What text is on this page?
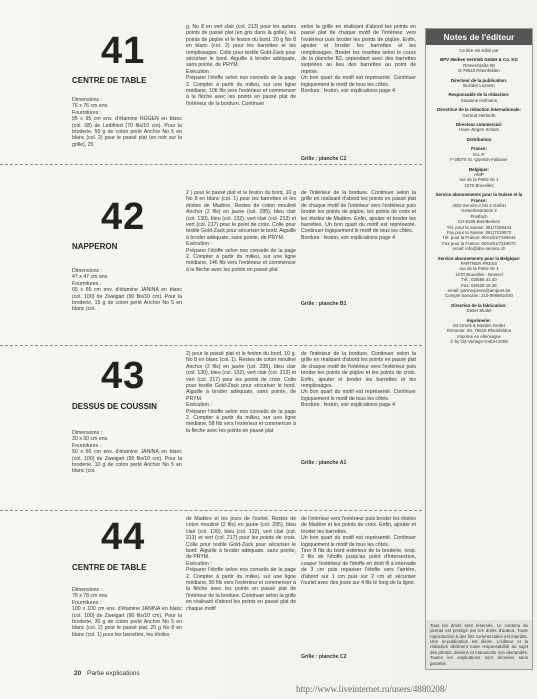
41
CENTRE DE TABLE
Dimensions :
76 x 76 cm env.
Fournitures :
95 x 95 cm env. d'étamine RÜGEN en blanc (col. 08) de Leibfried (70 fils/10 cm). Pour la broderie, 50 g de coton perlé Anchor No 5 en blanc (col. 2) pour le passé plat (en noir sur la grille), 25
g. No 8 en vert clair (col. 213) pour les autres points de passé plat (en gris dans la grille), les points de piqûre et le feston du bord. 20 g No 8 en blanc (col. 2) pour les barrettes et les remplissages. Colle pour textile Gold-Zack pour sécuriser le bord. Aiguille à broder adéquate, sans pointe, de PRYM.
Exécution :
Préparer l'étoffe selon nos conseils de la page 2. Compter à partir du milieu, sur une ligne médiane, 106 fils vers l'extérieur et commencer à la flèche avec les points en passé plat de l'intérieur de la bordure. Continuer
selon la grille en réalisant d'abord les points en passé plat de chaque motif de l'intérieur vers l'extérieur puis broder les points de piqûre. Enfin, ajouter et broder les barrettes et les remplissages. Broder les rosettes selon le cours de la planche B2, cependant avec des barrettes surjetées au lieu des barrettes au point de reprise.
Un bon quart du motif est représenté. Continuer logiquement le motif de tous les côtés.
Bordure : feston, voir explications page 4
Grille : planche C2
42
NAPPERON
Dimensions :
47 x 47 cm env.
Fournitures :
65 x 65 cm env. d'étamine JANINA en blanc (col. 100) de Zweigart (90 fils/10 cm). Pour la broderie, 15 g de coton perlé Anchor No 5 en blanc (col.
2 ) pour le passé plat et le feston du bord, 10 g No 8 en blanc (col. 1) pour les barrettes et les étoiles de Madère. Restes de coton mouliné Anchor (2 fils) en jaune (col. 295), bleu clair (col. 130), bleu (col. 132), vert clair (col. 213) et vert (col. 217) pour le point de croix. Colle pour textile Gold-Zack pour sécuriser le bord. Aiguille à broder adéquate, sans pointe, de PRYM.
Exécution :
Préparer l'étoffe selon nos conseils de la page 2. Compter à partir du milieu, sur une ligne médiane, 146 fils vers l'extérieur et commencer à la flèche avec les points en passé plat
de l'intérieur de la bordure. Continuer selon la grille en réalisant d'abord les points en passé plat de chaque motif de l'intérieur vers l'extérieur puis broder les points de piqûre, les points de croix et les étoiles de Madère. Enfin, ajouter et broder les barrettes. Un bon quart du motif est représenté. Continuer logiquement le motif de tous les côtés.
Bordure : feston, voir explications page 4
Grille : planche B1
43
DESSUS DE COUSSIN
Dimensions :
30 x 30 cm env.
Fournitures :
50 x 50 cm env. d'étamine JANINA en blanc (col. 100) de Zweigart (90 fils/10 cm). Pour la broderie, 10 g de coton perlé Anchor No 5 en blanc (col.
2) pour le passé plat et le feston du bord, 10 g. No 8 en blanc (col. 1). Restes de coton mouliné Anchor (2 fils) en jaune (col. 295), bleu clair (col. 130), bleu (col. 132), vert clair (col. 213) et vert (col. 217) pour les points de croix. Colle pour textile Gold-Zack pour sécuriser le bord. Aiguille à broder adéquate, sans pointe, de PRYM.
Exécution :
Préparer l'étoffe selon nos conseils de la page 2. Compter à partir du milieu, sur une ligne médiane, 58 fils vers l'extérieur et commencer à la flèche avec les points en passé plat
de l'intérieur de la bordure. Continuer selon la grille en réalisant d'abord les points en passé plat de chaque motif de l'intérieur vers l'extérieur puis broder les points de piqûre et les points de croix. Enfin, ajouter et broder les barrettes et les remplissages.
Un bon quart du motif est représenté. Continuer logiquement le motif de tous les côtés.
Bordure : feston, voir explications page 4
Grille : planche A1
44
CENTRE DE TABLE
Dimensions :
78 x 78 cm env.
Fournitures :
100 x 100 cm env. d'étamine JANINA en blanc (col. 100) de Zweigart (90 fils/10 cm). Pour la broderie, 30 g de coton perlé Anchor No 5 en blanc (col. 2) pour le passé plat, 20 g No 8 en blanc (col. 1) pour les barrettes, les étoiles
de Madère et les jours de l'ourlet. Restes de coton mouliné (2 fils) en jaune (col. 295), bleu clair (col. 130), bleu (col. 132), vert clair (col. 213) et vert (col. 217) pour les points de croix. Colle pour textile Gold-Zack pour sécuriser le bord. Aiguille à broder adéquate, sans pointe, de PRYM.
Exécution :
Préparer l'étoffe selon nos conseils de la page 2. Compter à partir du milieu, sur une ligne médiane, 90 fils vers l'extérieur et commencer à la flèche avec les points en passé plat de l'intérieur de la bordure. Continuer selon la grille en réalisant d'abord les points en passé plat de chaque motif
de l'intérieur vers l'extérieur puis broder les étoiles de Madère et les points de croix. Enfin, ajouter et broder les barrettes.
Un bon quart du motif est représenté. Continuer logiquement le motif de tous les côtés.
Tirer 8 fils du bord extérieur de la broderie, resp. 2 fils de l'étoffe jusqu'au point d'intersection, couper l'extérieur de l'étoffe en droit fil à intervalle de 3 cm puis repasser l'étoffe vers l'arrière, d'abord sur 1 cm puis sur 2 cm et sécuriser l'ourlet avec des jours sur 4 fils le long de la ligne.
Grille : planche C2
Notes de l'éditeur
Ce titre est édité par
BPV Medien Vertrieb GmbH & Co. KG
Römerstraße 90
D-79618 Rheinfelden
Directeur de la publication:
Bozidar Luzanin
Responsable de la rédaction:
Susanne Hofmann
Directrice de la rédaction internationale:
Gertrud Herberth
Directeur commercial:
Hans-Jürgen Schatz
Distribution
France:
M.L.P.
F-38070 St.-Quentin-Fallavier
Belgique:
AMP
rue de la Petite Ile 1
1070 Bruxelles
Service abonnements pour la Suisse et la France:
ABO-Service A bis Z GmbH
Gewerbestrasse 2
Postfach
CH-6105 Biel-Benken
Tél. pour la Suisse: 061/7269444
Fax pour la Suisse: 061/7219072
Tél. pour la France: 0041/61/7269444
Fax pour la France: 0041/61/7219072
email: info@abo-service.ch
Service abonnements pour la Belgique:
PARTNER PRESS
rue de la Petite Ile 1
1070 Bruxelles - Brussel
Tél.: 02/556.41.40
Fax: 02/525.18.35
email: partnerpress@ampnet.be
Compte bancaire: 210-0969810/30
Direction de la fabrication:
Dieter Model
Imprimerie:
OZ-Druck & Medien GmbH
Römerstr. 90, 79618 Rheinfelden
Imprimé en Allemagne
© by OZ-Verlags-GmbH 2008
Tous les droits sont réservés. Le contenu du journal est protégé par les droits d'auteur. Toute reproduction à des fins commerciales est interdite. Une re-publication est illicite. L'éditeur et la rédaction déclinent toute responsabilité au sujet des photos, dessins et manuscrits non demandés. Toutes les explications sont données sans garantie.
20 Partie explications
http://www.liveinternet.ru/users/4880208/
